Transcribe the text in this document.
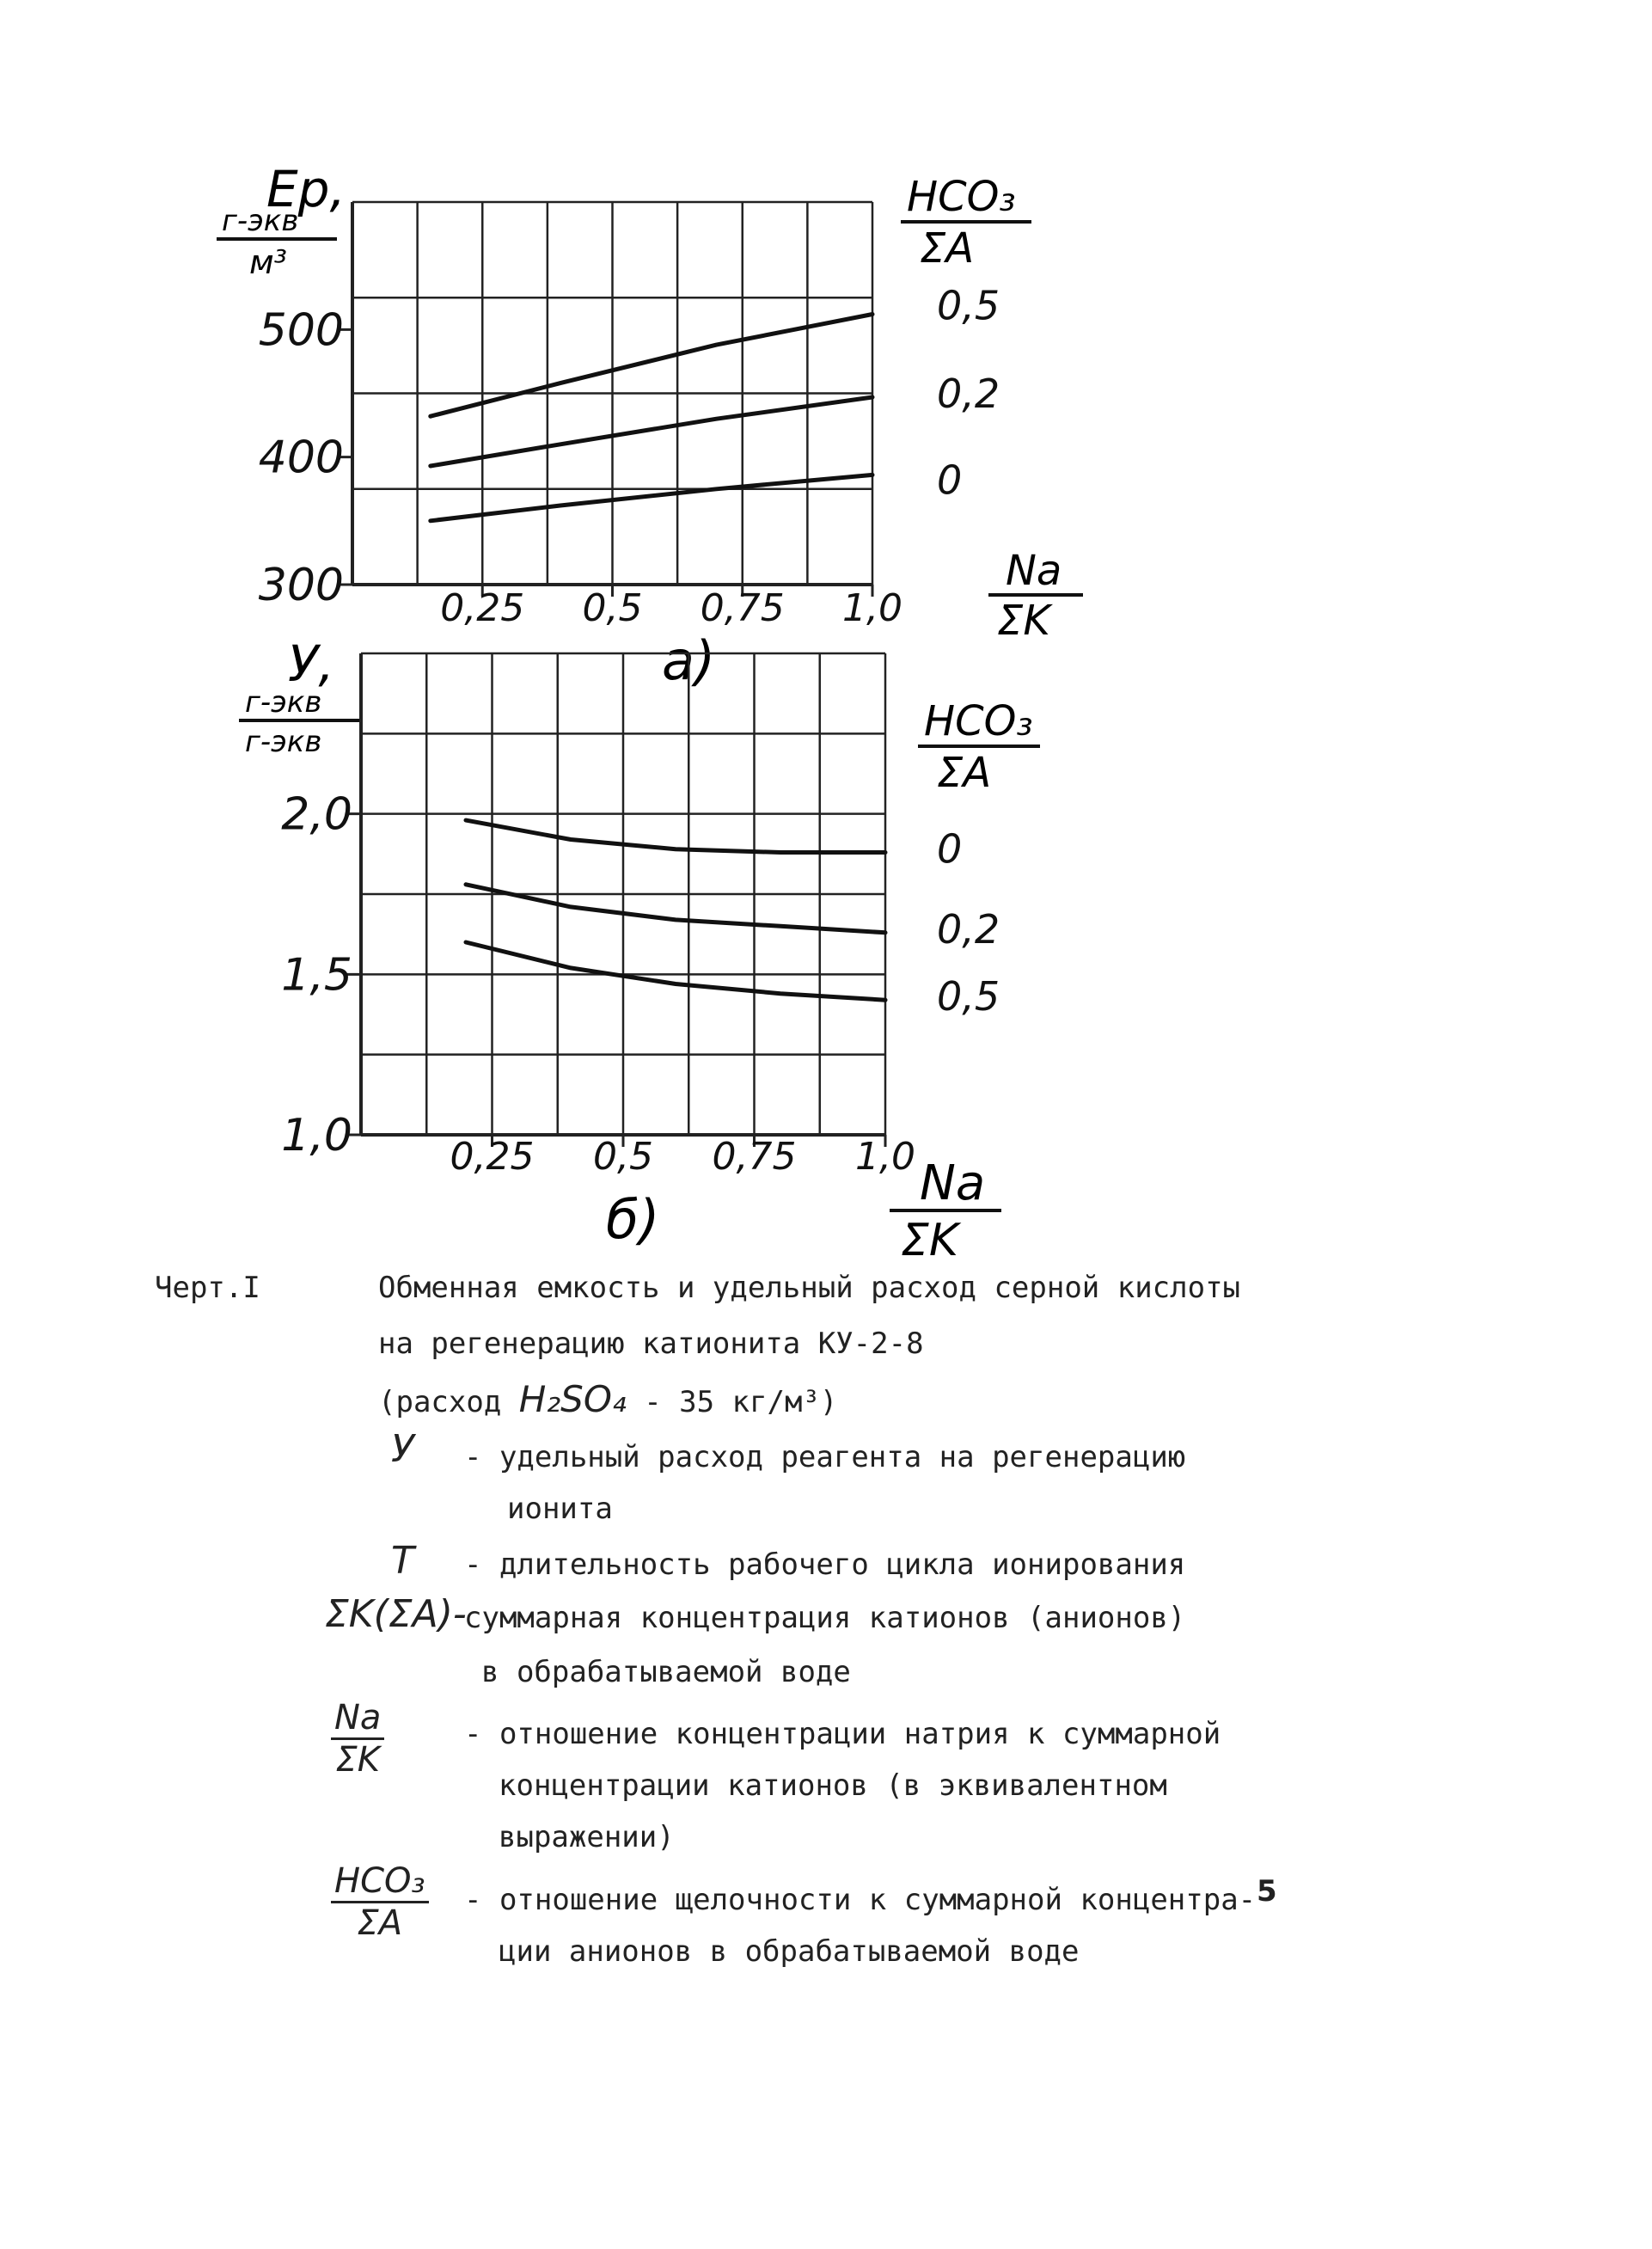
Ep,
г-экв
м³
300
400
500
0,25 0,5 0,75 1,0
0,5
0,2
0
HCO₃
ΣA
Na
ΣK
а)
У,
г-экв
г-экв
1,0
1,5
2,0
0,25 0,5 0,75 1,0
0
0,2
0,5
HCO₃
ΣA
Na
ΣK
б)
Черт.I	Обменная емкость и удельный расход серной кислоты
на регенерацию катионита КУ-2-8
(расход H₂SO₄ - 35 кг/м³)
У - удельный расход реагента на регенерацию
ионита
Т - длительность рабочего цикла ионирования
ΣK(ΣA)-
суммарная концентрация катионов (анионов)
в обрабатываемой воде
$\frac{Na}{\Sigma K}$	- отношение концентрации натрия к суммарной
концентрации катионов (в эквивалентном
выражении)
HCO₃
ΣA
- отношение щелочности к суммарной концентра-
ции анионов в обрабатываемой воде
5
